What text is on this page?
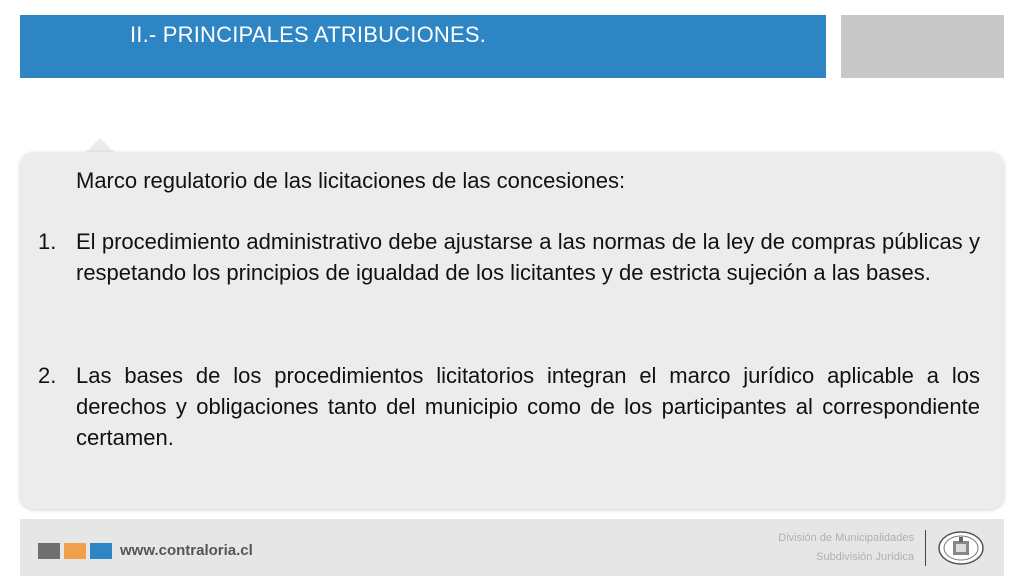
II.- PRINCIPALES ATRIBUCIONES.
Marco regulatorio de las licitaciones de las concesiones:
1. El procedimiento administrativo debe ajustarse a las normas de la ley de compras públicas y respetando los principios de igualdad de los licitantes y de estricta sujeción a las bases.
2. Las bases de los procedimientos licitatorios integran el marco jurídico aplicable a los derechos y obligaciones tanto del municipio como de los participantes al correspondiente certamen.
www.contraloria.cl
División de Municipalidades
Subdivisión Jurídica
